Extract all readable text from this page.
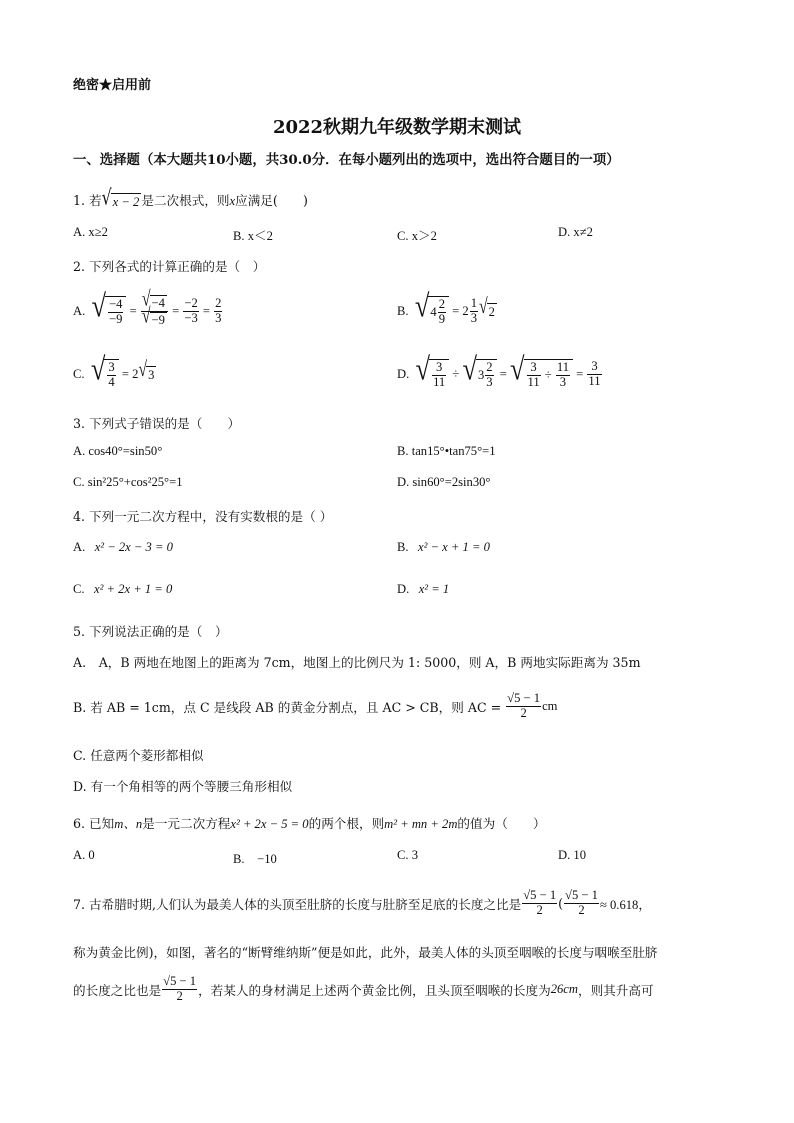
绝密★启用前
2022秋期九年级数学期末测试
一、选择题（本大题共10小题，共30.0分．在每小题列出的选项中，选出符合题目的一项）
1. 若 √ x − 2 是二次根式，则x应满足(　　)
A. x≥2	B. x＜2	C. x＞2	D. x≠2
2. 下列各式的计算正确的是（　）
A.
√ $\frac{-4}{-9} = \frac{√ -4}{√ -9} = \frac{-2}{-3} = \frac{2}{3}$	B.
√ $4 \frac{2}{9}$
= $2 \frac{1}{3}$ √ 2
C.
√ $\frac{3}{4}$
= 2 √ 3	D.
√ $\frac{3}{11}$ ÷ √ $3 \frac{2}{3}$ = √ $\frac{3}{11} \div \frac{11}{3} = \frac{3}{11}$
3. 下列式子错误的是（　　）
A. cos40°=sin50°	B. tan15°•tan75°=1
C. sin²25°+cos²25°=1	D. sin60°=2sin30°
4. 下列一元二次方程中，没有实数根的是（ ）
A. x² − 2x − 3 = 0	B. x² − x + 1 = 0
C. x² + 2x + 1 = 0	D. x² = 1
5. 下列说法正确的是（　）
A.　A，B 两地在地图上的距离为 7cm，地图上的比例尺为 1: 5000，则 A，B 两地实际距离为 35m
B. 若 AB = 1cm，点 C 是线段 AB 的黄金分割点，且 AC > CB，则 AC =
$\frac{√5 - 1}{2}$ cm
C. 任意两个菱形都相似
D. 有一个角相等的两个等腰三角形相似
6. 已知m、n是一元二次方程x² + 2x − 5 = 0的两个根，则m² + mn + 2m的值为（　　）
A. 0	B.　−10	C. 3	D. 10
7. 古希腊时期,人们认为最美人体的头顶至肚脐的长度与肚脐至足底的长度之比是 $\frac{√5 - 1}{2}$ ( $\frac{√5 - 1}{2} \approx 0.618$，
称为黄金比例)，如图，著名的“断臂维纳斯”便是如此，此外，最美人体的头顶至咽喉的长度与咽喉至肚脐
的长度之比也是 $\frac{√5 - 1}{2}$ ，若某人的身材满足上述两个黄金比例，且头顶至咽喉的长度为 26cm ，则其升高可
